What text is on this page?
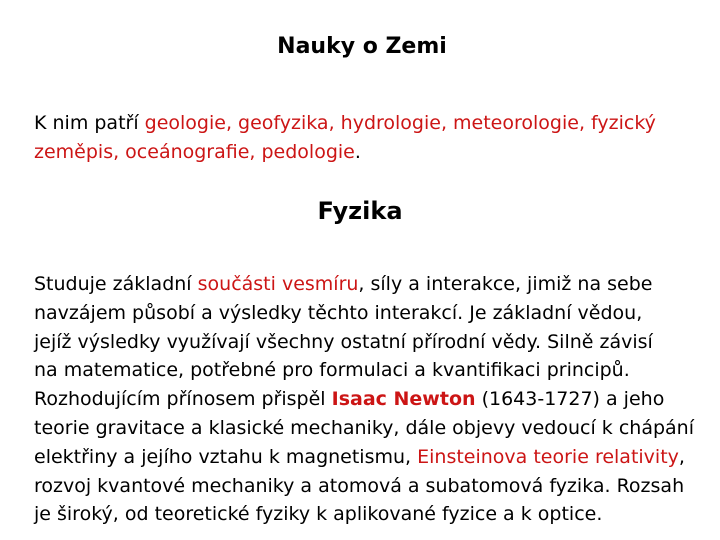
Nauky o Zemi

K nim patří geologie, geofyzika, hydrologie, meteorologie, fyzický
zeměpis, oceánografie, pedologie.

Fyzika

Studuje základní součásti vesmíru, síly a interakce, jimiž na sebe
navzájem působí a výsledky těchto interakcí. Je základní vědou,
jejíž výsledky využívají všechny ostatní přírodní vědy. Silně závisí
na matematice, potřebné pro formulaci a kvantifikaci principů.
Rozhodujícím přínosem přispěl Isaac Newton (1643-1727) a jeho
teorie gravitace a klasické mechaniky, dále objevy vedoucí k chápání
elektřiny a jejího vztahu k magnetismu, Einsteinova teorie relativity,
rozvoj kvantové mechaniky a atomová a subatomová fyzika. Rozsah
je široký, od teoretické fyziky k aplikované fyzice a k optice.
